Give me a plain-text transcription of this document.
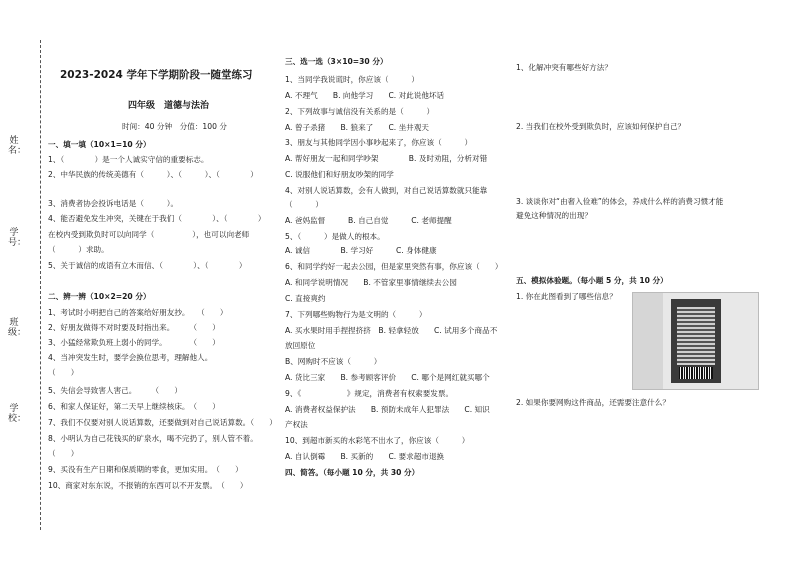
姓名：
学号：
班级：
学校：
2023-2024 学年下学期阶段一随堂练习
四年级　道德与法治
时间：40 分钟　分值：100 分
一、填一填（10×1=10 分）
1、（　　　　）是一个人诚实守信的重要标志。
2、中华民族的传统美德有（　　　）、（　　　）、（　　　　）
3、消费者协会投诉电话是（　　　）。
4、能否避免发生冲突，关键在于我们（　　　　）、（　　　　）
在校内受到欺负时可以向同学（　　　　　），也可以向老师
（　　　）求助。
5、关于诚信的成语有立木而信、（　　　　）、（　　　　）
二、辨一辨（10×2=20 分）
1、考试时小明把自己的答案给好朋友抄。　　（　　）
2、好朋友做得不对时要及时指出来。　　　（　　）
3、小猛经常欺负班上弱小的同学。　　　　（　　）
4、当冲突发生时，要学会换位思考，理解他人。
（　　）
5、失信会导致害人害己。　　　（　　）
6、和家人保证好，第二天早上继续核床。　（　　）
7、我们不仅要对别人说话算数，还要做到对自己说话算数。（　　）
8、小明认为自己花钱买的矿泉水，喝不完扔了，别人管不着。
（　　）
9、买没有生产日期和保质期的零食，更加实用。　（　　）
10、商家对东东说，不报销的东西可以不开发票。　（　　）
三、选一选（3×10=30 分）
1、当同学我说谎时，你应该（　　　）
A. 不理气　　B. 向他学习　　C. 对此说他坏话
2、下列故事与诚信没有关系的是（　　　）
A. 曾子杀猪　　B. 狼来了　　C. 坐井观天
3、朋友与其他同学因小事吵起来了，你应该（　　　）
A. 帮好朋友一起和同学吵架　　　　B. 及时劝阻，分析对错
C. 说服他们和好朋友吵架的同学
4、对别人说话算数，会有人做到，对自己说话算数就只能靠
（　　　）
A. 爸妈监督　　　B. 自己自觉　　　C. 老师提醒
5、（　　　）是做人的根本。
A. 诚信　　　　B. 学习好　　　C. 身体健康
6、和同学约好一起去公园，但是家里突然有事，你应该（　　）
A. 和同学说明情况　　B. 不管家里事情继续去公园
C. 直接爽约
7、下列哪些购物行为是文明的（　　　）
A. 买水果时用手捏捏挤挤　B. 轻拿轻放　　C. 试用多个商品不
放回原位
B、网购时不应该（　　　）
A. 货比三家　　B. 参考顾客评价　　C. 哪个是网红就买哪个
9、《　　　　　　》规定，消费者有权索要发票。
A. 消费者权益保护法　　B. 预防未成年人犯罪法　　C. 知识
产权法
10、到超市新买的水彩笔不出水了，你应该（　　　）
A. 自认倒霉　　B. 买新的　　C. 要求超市退换
四、简答。（每小题 10 分，共 30 分）
1、化解冲突有哪些好方法？
2. 当我们在校外受到欺负时，应该如何保护自己？
3. 谈谈你对“由奢入俭难”的体会，养成什么样的消费习惯才能
避免这种情况的出现？
五、模拟体验题。（每小题 5 分，共 10 分）
1. 你在此图看到了哪些信息？
2. 如果你要网购这件商品，还需要注意什么？
